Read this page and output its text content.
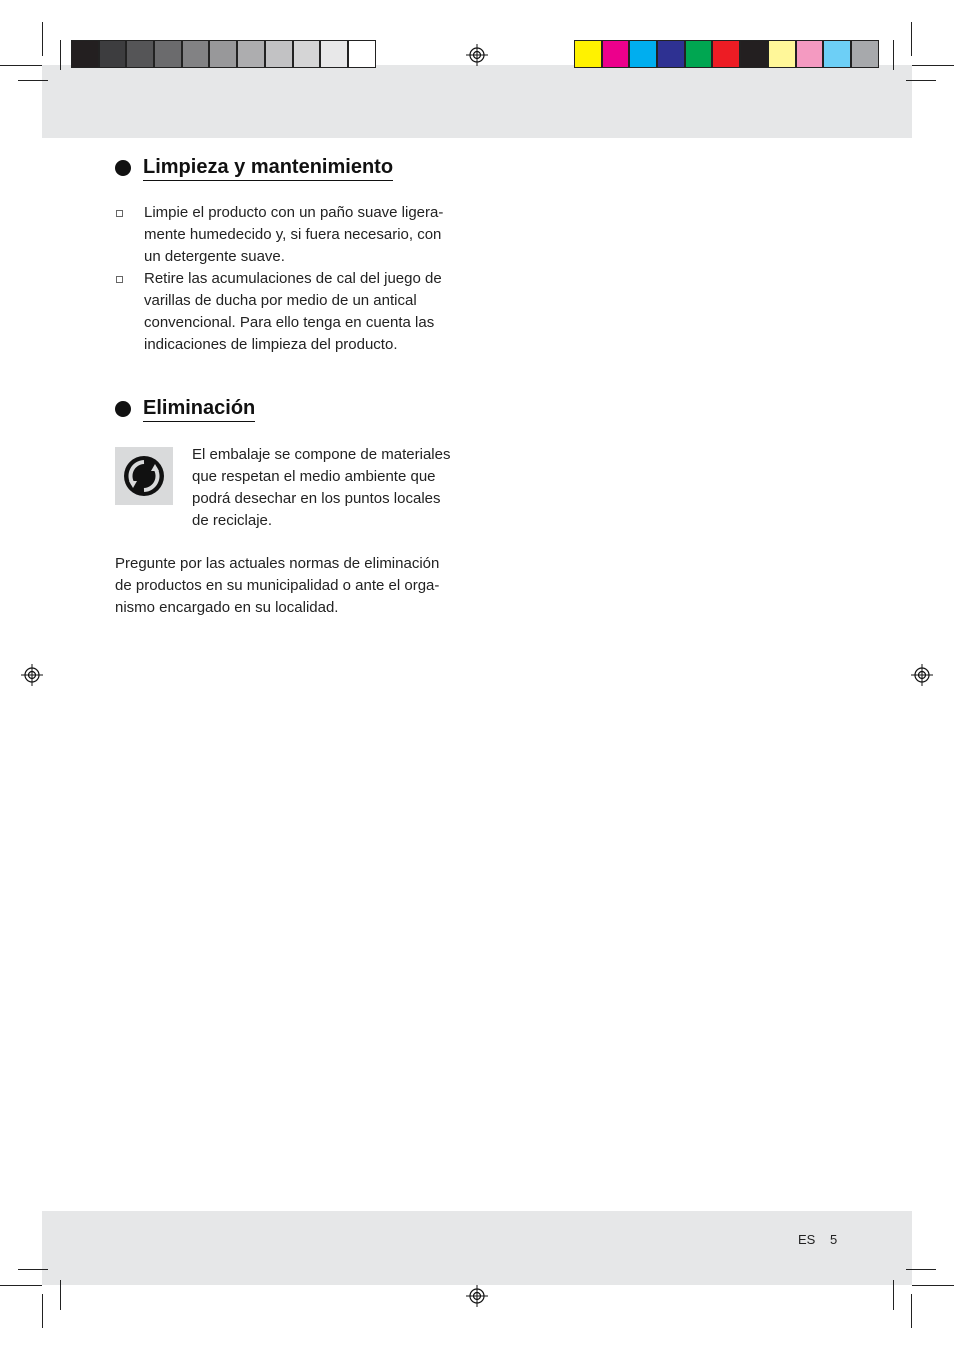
Limpieza y mantenimiento
Limpie el producto con un paño suave ligera-
mente humedecido y, si fuera necesario, con
un detergente suave.
Retire las acumulaciones de cal del juego de
varillas de ducha por medio de un antical
convencional. Para ello tenga en cuenta las
indicaciones de limpieza del producto.
Eliminación
El embalaje se compone de materiales
que respetan el medio ambiente que
podrá desechar en los puntos locales
de reciclaje.
Pregunte por las actuales normas de eliminación
de productos en su municipalidad o ante el orga-
nismo encargado en su localidad.
ES 5
